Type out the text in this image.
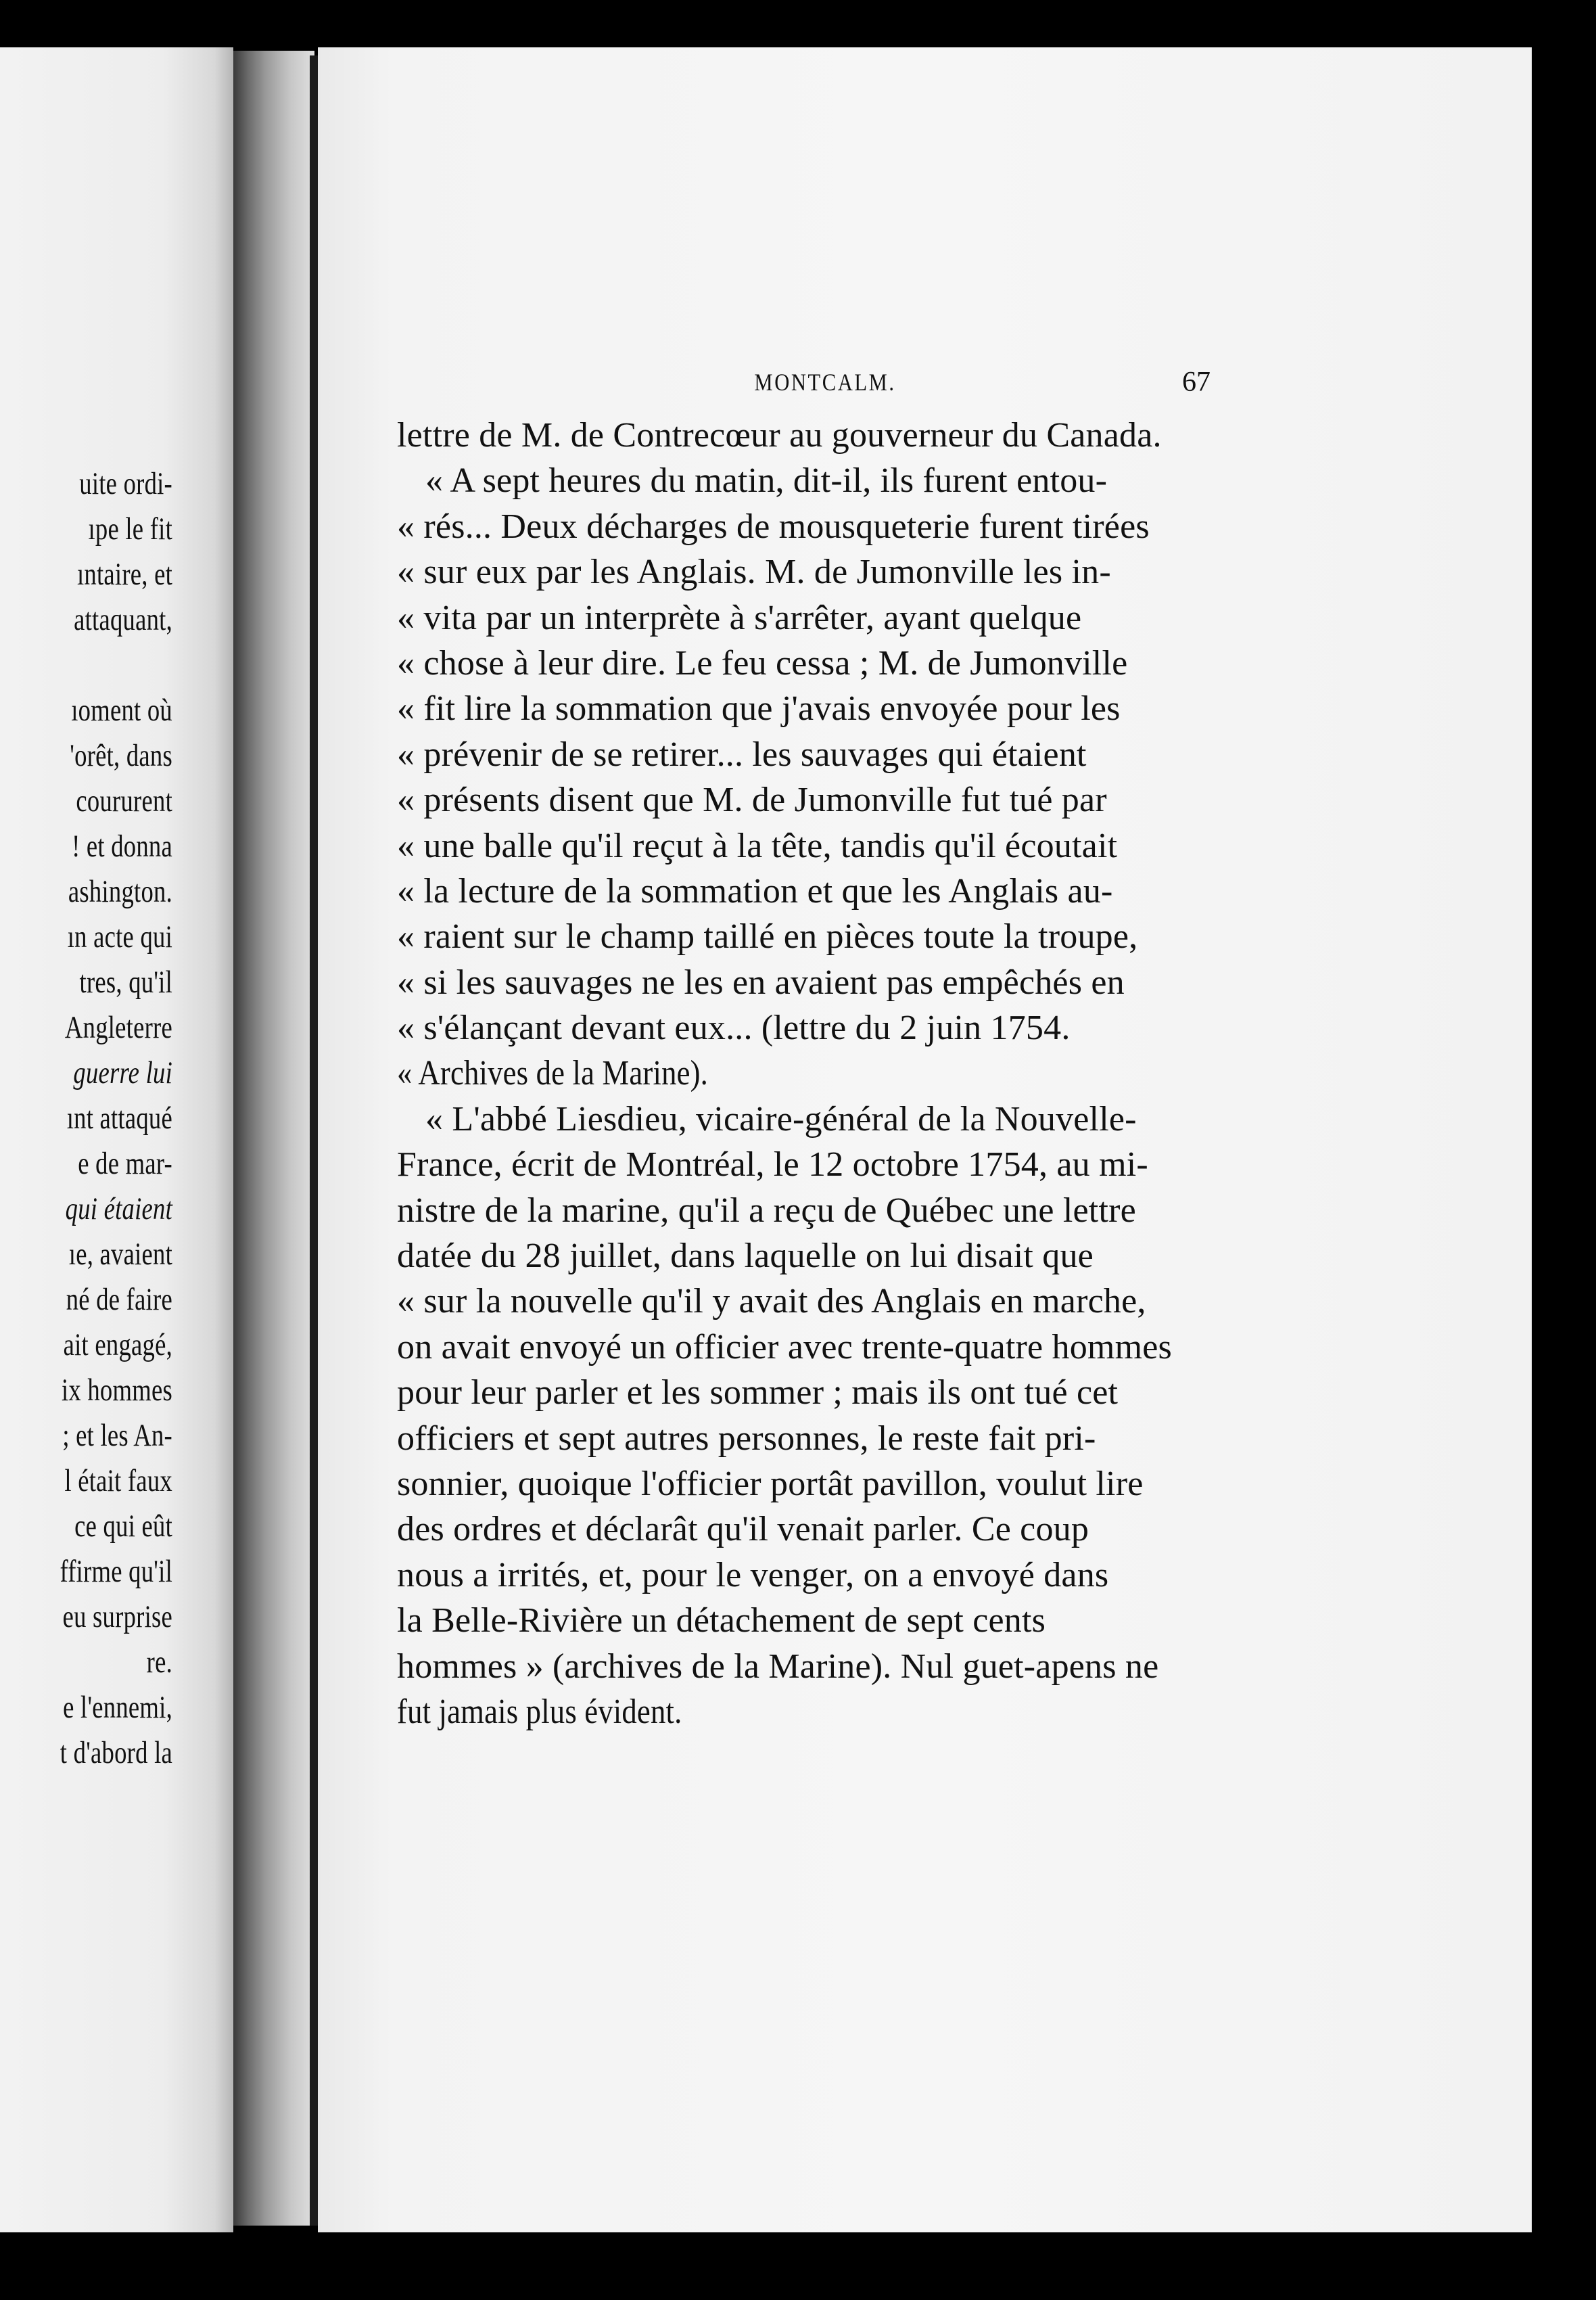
uite ordi-
ıpe le fit
ıntaire, et
attaquant,

ıoment où
'orêt, dans
coururent
! et donna
ashington.
ın acte qui
tres, qu'il
Angleterre
guerre lui
ınt attaqué
e de mar-
qui étaient
ıe, avaient
né de faire
ait engagé,
ix hommes
; et les An-
l était faux
ce qui eût
ffirme qu'il
eu surprise
re.
e l'ennemi,
t d'abord la
MONTCALM.	67
lettre de M. de Contrecœur au gouverneur du Canada.
« A sept heures du matin, dit-il, ils furent entou-
« rés... Deux décharges de mousqueterie furent tirées
« sur eux par les Anglais. M. de Jumonville les in-
« vita par un interprète à s'arrêter, ayant quelque
« chose à leur dire. Le feu cessa ; M. de Jumonville
« fit lire la sommation que j'avais envoyée pour les
« prévenir de se retirer... les sauvages qui étaient
« présents disent que M. de Jumonville fut tué par
« une balle qu'il reçut à la tête, tandis qu'il écoutait
« la lecture de la sommation et que les Anglais au-
« raient sur le champ taillé en pièces toute la troupe,
« si les sauvages ne les en avaient pas empêchés en
« s'élançant devant eux... (lettre du 2 juin 1754.
« Archives de la Marine).
« L'abbé Liesdieu, vicaire-général de la Nouvelle-
France, écrit de Montréal, le 12 octobre 1754, au mi-
nistre de la marine, qu'il a reçu de Québec une lettre
datée du 28 juillet, dans laquelle on lui disait que
« sur la nouvelle qu'il y avait des Anglais en marche,
on avait envoyé un officier avec trente-quatre hommes
pour leur parler et les sommer ; mais ils ont tué cet
officiers et sept autres personnes, le reste fait pri-
sonnier, quoique l'officier portât pavillon, voulut lire
des ordres et déclarât qu'il venait parler. Ce coup
nous a irrités, et, pour le venger, on a envoyé dans
la Belle-Rivière un détachement de sept cents
hommes » (archives de la Marine). Nul guet-apens ne
fut jamais plus évident.
